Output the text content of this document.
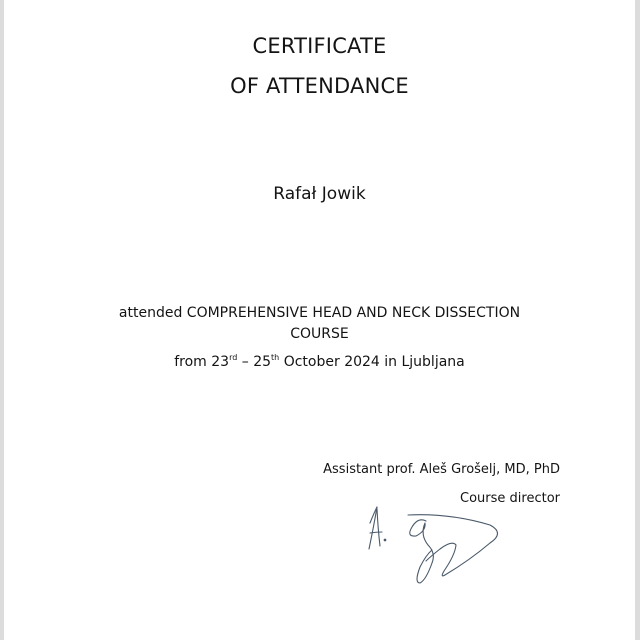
CERTIFICATE
OF ATTENDANCE
Rafał Jowik
attended COMPREHENSIVE HEAD AND NECK DISSECTION COURSE
from 23rd – 25th October 2024 in Ljubljana
Assistant prof. Aleš Grošelj, MD, PhD
Course director
